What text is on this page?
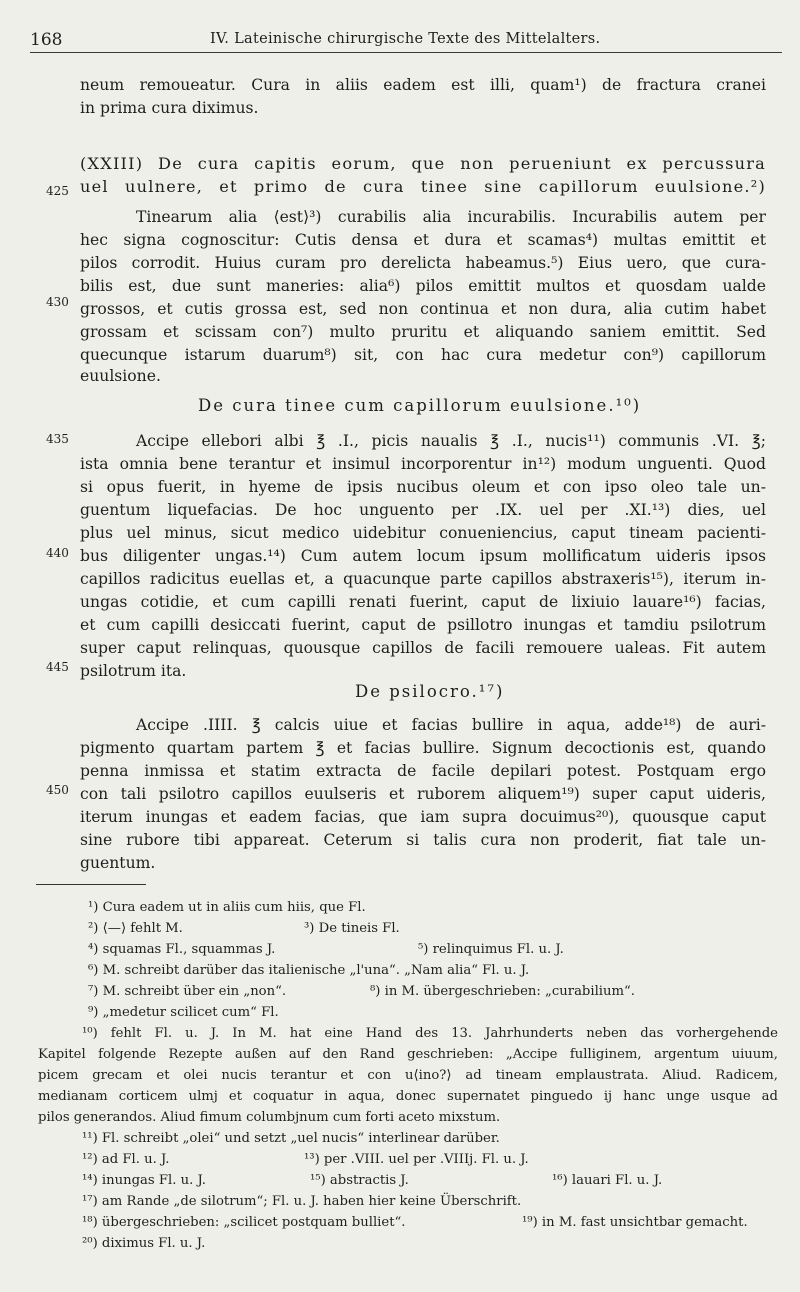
168	IV. Lateinische chirurgische Texte des Mittelalters.
425
430
435
440
445
450
neum remoueatur. Cura in aliis eadem est illi, quam¹) de fractura cranei
in prima cura diximus.
(XXIII) De cura capitis eorum, que non perueniunt ex percussura
uel uulnere, et primo de cura tinee sine capillorum euulsione.²)
Tinearum alia ⟨est⟩³) curabilis alia incurabilis. Incurabilis autem per
hec signa cognoscitur: Cutis densa et dura et scamas⁴) multas emittit et
pilos corrodit. Huius curam pro derelicta habeamus.⁵) Eius uero, que cura-
bilis est, due sunt maneries: alia⁶) pilos emittit multos et quosdam ualde
grossos, et cutis grossa est, sed non continua et non dura, alia cutim habet
grossam et scissam con⁷) multo pruritu et aliquando saniem emittit. Sed
quecunque istarum duarum⁸) sit, con hac cura medetur con⁹) capillorum
euulsione.
Accipe ellebori albi ℥ .I., picis naualis ℥ .I., nucis¹¹) communis .VI. ℥;
ista omnia bene terantur et insimul incorporentur in¹²) modum unguenti. Quod
si opus fuerit, in hyeme de ipsis nucibus oleum et con ipso oleo tale un-
guentum liquefacias. De hoc unguento per .IX. uel per .XI.¹³) dies, uel
plus uel minus, sicut medico uidebitur conueniencius, caput tineam pacienti-
bus diligenter ungas.¹⁴) Cum autem locum ipsum mollificatum uideris ipsos
capillos radicitus euellas et, a quacunque parte capillos abstraxeris¹⁵), iterum in-
ungas cotidie, et cum capilli renati fuerint, caput de lixiuio lauare¹⁶) facias,
et cum capilli desiccati fuerint, caput de psillotro inungas et tamdiu psilotrum
super caput relinquas, quousque capillos de facili remouere ualeas. Fit autem
psilotrum ita.
Accipe .IIII. ℥ calcis uiue et facias bullire in aqua, adde¹⁸) de auri-
pigmento quartam partem ℥ et facias bullire. Signum decoctionis est, quando
penna inmissa et statim extracta de facile depilari potest. Postquam ergo
con tali psilotro capillos euulseris et ruborem aliquem¹⁹) super caput uideris,
iterum inungas et eadem facias, que iam supra docuimus²⁰), quousque caput
sine rubore tibi appareat. Ceterum si talis cura non proderit, fiat tale un-
guentum.
De cura tinee cum capillorum euulsione.¹⁰)
De psilocro.¹⁷)
¹) Cura eadem ut in aliis cum hiis, que Fl.
²) ⟨—⟩ fehlt M.	³) De tineis Fl.
⁴) squamas Fl., squammas J.	⁵) relinquimus Fl. u. J.
⁶) M. schreibt darüber das italienische „l'una“. „Nam alia“ Fl. u. J.
⁷) M. schreibt über ein „non“.	⁸) in M. übergeschrieben: „curabilium“.
⁹) „medetur scilicet cum“ Fl.
¹⁰) fehlt Fl. u. J. In M. hat eine Hand des 13. Jahrhunderts neben das vorhergehende
Kapitel folgende Rezepte außen auf den Rand geschrieben: „Accipe fulliginem, argentum uiuum,
picem grecam et olei nucis terantur et con u⟨ino?⟩ ad tineam emplaustrata. Aliud. Radicem,
medianam corticem ulmj et coquatur in aqua, donec supernatet pinguedo ij hanc unge usque ad
pilos generandos. Aliud fimum columbjnum cum forti aceto mixstum.
¹¹) Fl. schreibt „olei“ und setzt „uel nucis“ interlinear darüber.
¹²) ad Fl. u. J.	¹³) per .VIII. uel per .VIIIj. Fl. u. J.
¹⁴) inungas Fl. u. J.	¹⁵) abstractis J.	¹⁶) lauari Fl. u. J.
¹⁷) am Rande „de silotrum“; Fl. u. J. haben hier keine Überschrift.
¹⁸) übergeschrieben: „scilicet postquam bulliet“.	¹⁹) in M. fast unsichtbar gemacht.
²⁰) diximus Fl. u. J.
